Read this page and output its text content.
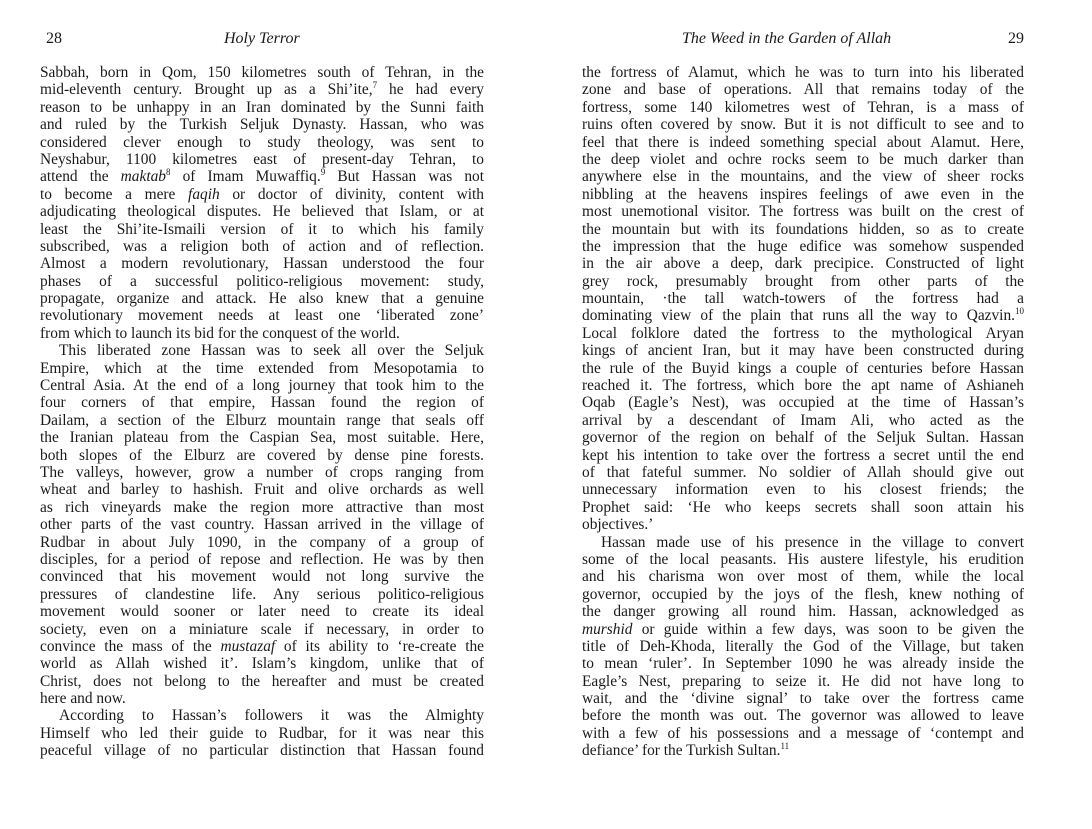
28	Holy Terror
Sabbah, born in Qom, 150 kilometres south of Tehran, in the
mid-eleventh century. Brought up as a Shi’ite,$^7$ he had every
reason to be unhappy in an Iran dominated by the Sunni faith
and ruled by the Turkish Seljuk Dynasty. Hassan, who was
considered clever enough to study theology, was sent to
Neyshabur, 1100 kilometres east of present-day Tehran, to
attend the maktab$^8$ of Imam Muwaffiq.$^9$ But Hassan was not
to become a mere faqih or doctor of divinity, content with
adjudicating theological disputes. He believed that Islam, or at
least the Shi’ite-Ismaili version of it to which his family
subscribed, was a religion both of action and of reflection.
Almost a modern revolutionary, Hassan understood the four
phases of a successful politico-religious movement: study,
propagate, organize and attack. He also knew that a genuine
revolutionary movement needs at least one ‘liberated zone’
from which to launch its bid for the conquest of the world.
This liberated zone Hassan was to seek all over the Seljuk
Empire, which at the time extended from Mesopotamia to
Central Asia. At the end of a long journey that took him to the
four corners of that empire, Hassan found the region of
Dailam, a section of the Elburz mountain range that seals off
the Iranian plateau from the Caspian Sea, most suitable. Here,
both slopes of the Elburz are covered by dense pine forests.
The valleys, however, grow a number of crops ranging from
wheat and barley to hashish. Fruit and olive orchards as well
as rich vineyards make the region more attractive than most
other parts of the vast country. Hassan arrived in the village of
Rudbar in about July 1090, in the company of a group of
disciples, for a period of repose and reflection. He was by then
convinced that his movement would not long survive the
pressures of clandestine life. Any serious politico-religious
movement would sooner or later need to create its ideal
society, even on a miniature scale if necessary, in order to
convince the mass of the mustazaf of its ability to ‘re-create the
world as Allah wished it’. Islam’s kingdom, unlike that of
Christ, does not belong to the hereafter and must be created
here and now.
According to Hassan’s followers it was the Almighty
Himself who led their guide to Rudbar, for it was near this
peaceful village of no particular distinction that Hassan found
The Weed in the Garden of Allah	29
the fortress of Alamut, which he was to turn into his liberated
zone and base of operations. All that remains today of the
fortress, some 140 kilometres west of Tehran, is a mass of
ruins often covered by snow. But it is not difficult to see and to
feel that there is indeed something special about Alamut. Here,
the deep violet and ochre rocks seem to be much darker than
anywhere else in the mountains, and the view of sheer rocks
nibbling at the heavens inspires feelings of awe even in the
most unemotional visitor. The fortress was built on the crest of
the mountain but with its foundations hidden, so as to create
the impression that the huge edifice was somehow suspended
in the air above a deep, dark precipice. Constructed of light
grey rock, presumably brought from other parts of the
mountain, ·the tall watch-towers of the fortress had a
dominating view of the plain that runs all the way to Qazvin.$^{10}$
Local folklore dated the fortress to the mythological Aryan
kings of ancient Iran, but it may have been constructed during
the rule of the Buyid kings a couple of centuries before Hassan
reached it. The fortress, which bore the apt name of Ashianeh
Oqab (Eagle’s Nest), was occupied at the time of Hassan’s
arrival by a descendant of Imam Ali, who acted as the
governor of the region on behalf of the Seljuk Sultan. Hassan
kept his intention to take over the fortress a secret until the end
of that fateful summer. No soldier of Allah should give out
unnecessary information even to his closest friends; the
Prophet said: ‘He who keeps secrets shall soon attain his
objectives.’
Hassan made use of his presence in the village to convert
some of the local peasants. His austere lifestyle, his erudition
and his charisma won over most of them, while the local
governor, occupied by the joys of the flesh, knew nothing of
the danger growing all round him. Hassan, acknowledged as
murshid or guide within a few days, was soon to be given the
title of Deh-Khoda, literally the God of the Village, but taken
to mean ‘ruler’. In September 1090 he was already inside the
Eagle’s Nest, preparing to seize it. He did not have long to
wait, and the ‘divine signal’ to take over the fortress came
before the month was out. The governor was allowed to leave
with a few of his possessions and a message of ‘contempt and
defiance’ for the Turkish Sultan.$^{11}$
